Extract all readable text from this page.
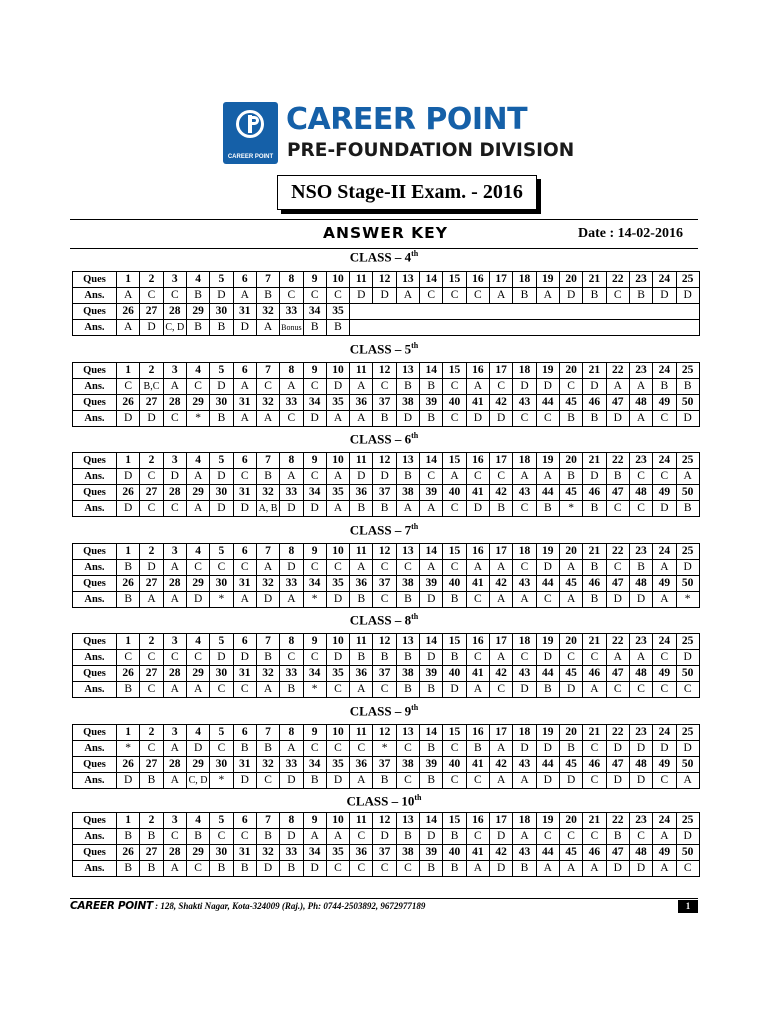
CAREER POINT
CAREER POINT
PRE-FOUNDATION DIVISION
NSO Stage-II Exam. - 2016
ANSWER KEY	Date : 14-02-2016
CLASS – 4th
Ques	1	2	3	4	5	6	7	8	9	10	11	12	13	14	15	16	17	18	19	20	21	22	23	24	25
Ans.	A	C	C	B	D	A	B	C	C	C	D	D	A	C	C	C	A	B	A	D	B	C	B	D	D
Ques	26	27	28	29	30	31	32	33	34	35															
Ans.	A	D	C, D	B	B	D	A	Bonus	B	B															
CLASS – 5th
Ques	1	2	3	4	5	6	7	8	9	10	11	12	13	14	15	16	17	18	19	20	21	22	23	24	25
Ans.	C	B,C	A	C	D	A	C	A	C	D	A	C	B	B	C	A	C	D	D	C	D	A	A	B	B
Ques	26	27	28	29	30	31	32	33	34	35	36	37	38	39	40	41	42	43	44	45	46	47	48	49	50
Ans.	D	D	C	*	B	A	A	C	D	A	A	B	D	B	C	D	D	C	C	B	B	D	A	C	D
CLASS – 6th
Ques	1	2	3	4	5	6	7	8	9	10	11	12	13	14	15	16	17	18	19	20	21	22	23	24	25
Ans.	D	C	D	A	D	C	B	A	C	A	D	D	B	C	A	C	C	A	A	B	D	B	C	C	A
Ques	26	27	28	29	30	31	32	33	34	35	36	37	38	39	40	41	42	43	44	45	46	47	48	49	50
Ans.	D	C	C	A	D	D	A, B	D	D	A	B	B	A	A	C	D	B	C	B	*	B	C	C	D	B
CLASS – 7th
Ques	1	2	3	4	5	6	7	8	9	10	11	12	13	14	15	16	17	18	19	20	21	22	23	24	25
Ans.	B	D	A	C	C	C	A	D	C	C	A	C	C	A	C	A	A	C	D	A	B	C	B	A	D
Ques	26	27	28	29	30	31	32	33	34	35	36	37	38	39	40	41	42	43	44	45	46	47	48	49	50
Ans.	B	A	A	D	*	A	D	A	*	D	B	C	B	D	B	C	A	A	C	A	B	D	D	A	*
CLASS – 8th
Ques	1	2	3	4	5	6	7	8	9	10	11	12	13	14	15	16	17	18	19	20	21	22	23	24	25
Ans.	C	C	C	C	D	D	B	C	C	D	B	B	B	D	B	C	A	C	D	C	C	A	A	C	D
Ques	26	27	28	29	30	31	32	33	34	35	36	37	38	39	40	41	42	43	44	45	46	47	48	49	50
Ans.	B	C	A	A	C	C	A	B	*	C	A	C	B	B	D	A	C	D	B	D	A	C	C	C	C
CLASS – 9th
Ques	1	2	3	4	5	6	7	8	9	10	11	12	13	14	15	16	17	18	19	20	21	22	23	24	25
Ans.	*	C	A	D	C	B	B	A	C	C	C	*	C	B	C	B	A	D	D	B	C	D	D	D	D
Ques	26	27	28	29	30	31	32	33	34	35	36	37	38	39	40	41	42	43	44	45	46	47	48	49	50
Ans.	D	B	A	C, D	*	D	C	D	B	D	A	B	C	B	C	C	A	A	D	D	C	D	D	C	A
CLASS – 10th
Ques	1	2	3	4	5	6	7	8	9	10	11	12	13	14	15	16	17	18	19	20	21	22	23	24	25
Ans.	B	B	C	B	C	C	B	D	A	A	C	D	B	D	B	C	D	A	C	C	C	B	C	A	D
Ques	26	27	28	29	30	31	32	33	34	35	36	37	38	39	40	41	42	43	44	45	46	47	48	49	50
Ans.	B	B	A	C	B	B	D	B	D	C	C	C	C	B	B	A	D	B	A	A	A	D	D	A	C
CAREER POINT : 128, Shakti Nagar, Kota-324009 (Raj.), Ph: 0744-2503892, 9672977189	1
